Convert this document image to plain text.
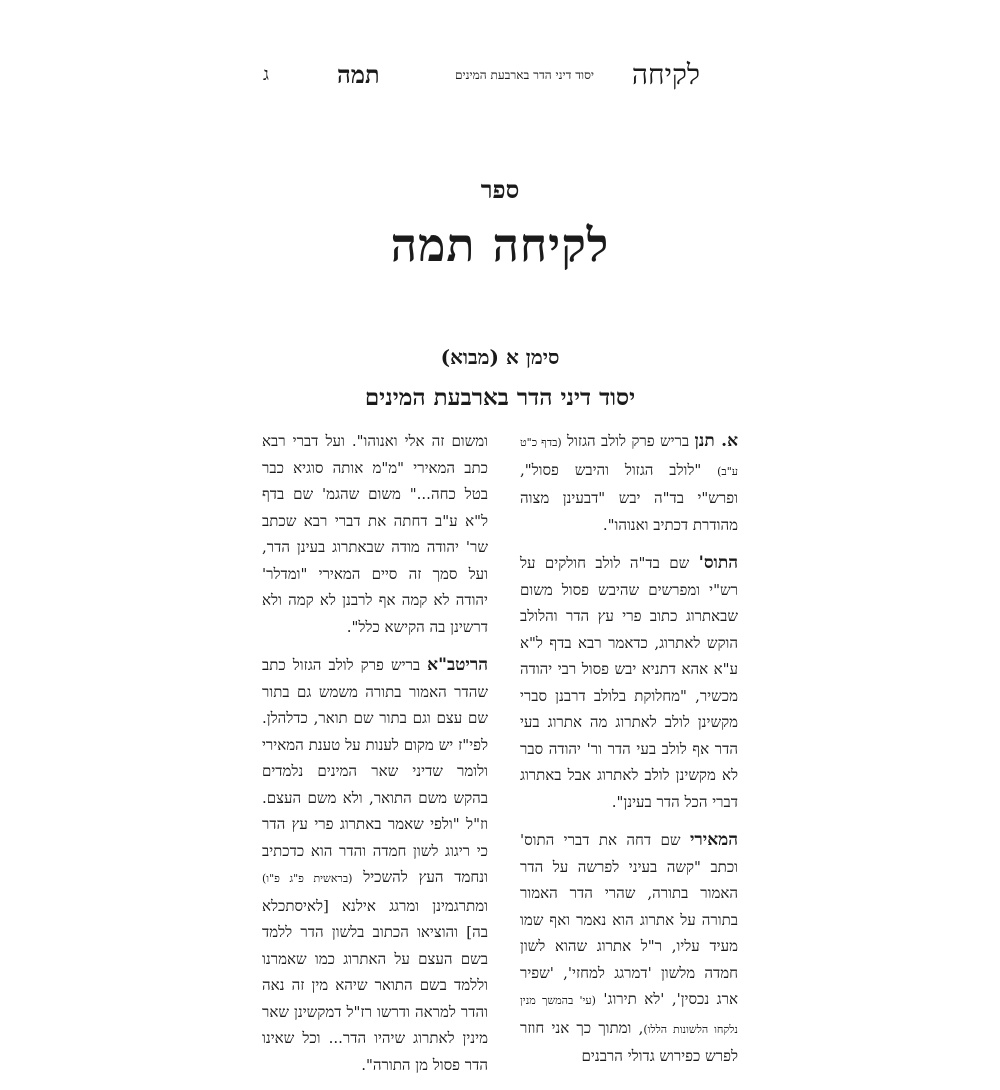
ג	תמה	יסוד דיני הדר בארבעת המינים לקיחה
ספר
לקיחה תמה
סימן א (מבוא)
יסוד דיני הדר בארבעת המינים

א. תנן בריש פרק לולב הגזול (בדף כ"ט ע"ב) "לולב הגזול והיבש פסול", ופרש"י בד"ה יבש "דבעינן מצוה מהודרת דכתיב ואנוהו".

התוס' שם בד"ה לולב חולקים על רש"י ומפרשים שהיבש פסול משום שבאתרוג כתוב פרי עץ הדר והלולב הוקש לאתרוג, כדאמר רבא בדף ל"א ע"א אהא דתניא יבש פסול רבי יהודה מכשיר, "מחלוקת בלולב דרבנן סברי מקשינן לולב לאתרוג מה אתרוג בעי הדר אף לולב בעי הדר ור' יהודה סבר לא מקשינן לולב לאתרוג אבל באתרוג דברי הכל הדר בעינן".

המאירי שם דחה את דברי התוס' וכתב "קשה בעיני לפרשה על הדר האמור בתורה, שהרי הדר האמור בתורה על אתרוג הוא נאמר ואף שמו מעיד עליו, ר"ל אתרוג שהוא לשון חמדה מלשון 'דמרגג למחזי', 'שפיר ארג נכסין', 'לא תירוג' (עי' בהמשך מנין נלקחו הלשונות הללו), ומתוך כך אני חוזר לפרש כפירוש גדולי הרבנים

ומשום זה אלי ואנוהו". ועל דברי רבא כתב המאירי "מ"מ אותה סוגיא כבר בטל כחה..." משום שהגמ' שם בדף ל"א ע"ב דחתה את דברי רבא שכתב שר' יהודה מודה שבאתרוג בעינן הדר, ועל סמך זה סיים המאירי "ומדלר' יהודה לא קמה אף לרבנן לא קמה ולא דרשינן בה הקישא כלל".

הריטב"א בריש פרק לולב הגזול כתב שהדר האמור בתורה משמש גם בתור שם עצם וגם בתור שם תואר, כדלהלן. לפי"ז יש מקום לענות על טענת המאירי ולומר שדיני שאר המינים נלמדים בהקש משם התואר, ולא משם העצם. וז"ל "ולפי שאמר באתרוג פרי עץ הדר כי ריגוג לשון חמדה והדר הוא כדכתיב ונחמד העץ להשכיל (בראשית פ"ג פ"ו) ומתרגמינן ומרגג אילנא [לאיסתכלא בה] והוציאו הכתוב בלשון הדר ללמד בשם העצם על האתרוג כמו שאמרנו וללמד בשם התואר שיהא מין זה נאה והדר למראה ודרשו רז"ל דמקשינן שאר מינין לאתרוג שיהיו הדר... וכל שאינו הדר פסול מן התורה".
